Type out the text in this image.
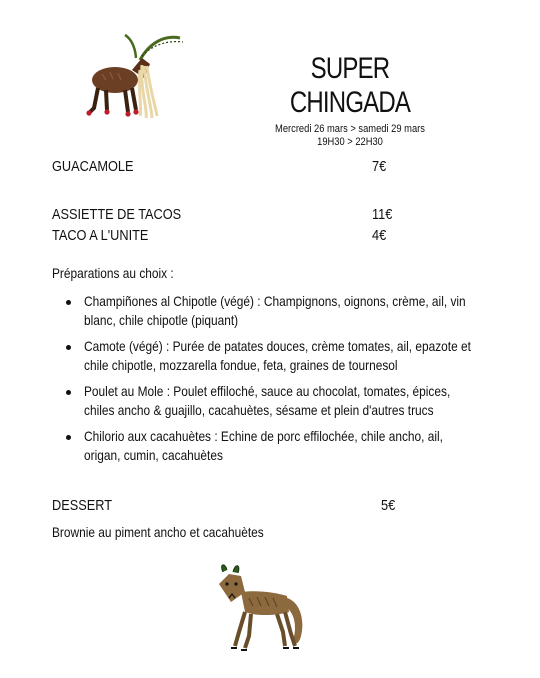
SUPER CHINGADA
Mercredi 26 mars > samedi 29 mars
19H30 > 22H30
GUACAMOLE	7€
ASSIETTE DE TACOS	11€
TACO A L'UNITE	4€
Préparations au choix :
Champiñones al Chipotle (végé) : Champignons, oignons, crème, ail, vin blanc, chile chipotle (piquant)
Camote (végé) : Purée de patates douces, crème tomates, ail, epazote et chile chipotle, mozzarella fondue, feta, graines de tournesol
Poulet au Mole : Poulet effiloché, sauce au chocolat, tomates, épices, chiles ancho & guajillo, cacahuètes, sésame et plein d'autres trucs
Chilorio aux cacahuètes : Echine de porc effilochée, chile ancho, ail, origan, cumin, cacahuètes
DESSERT	5€
Brownie au piment ancho et cacahuètes
